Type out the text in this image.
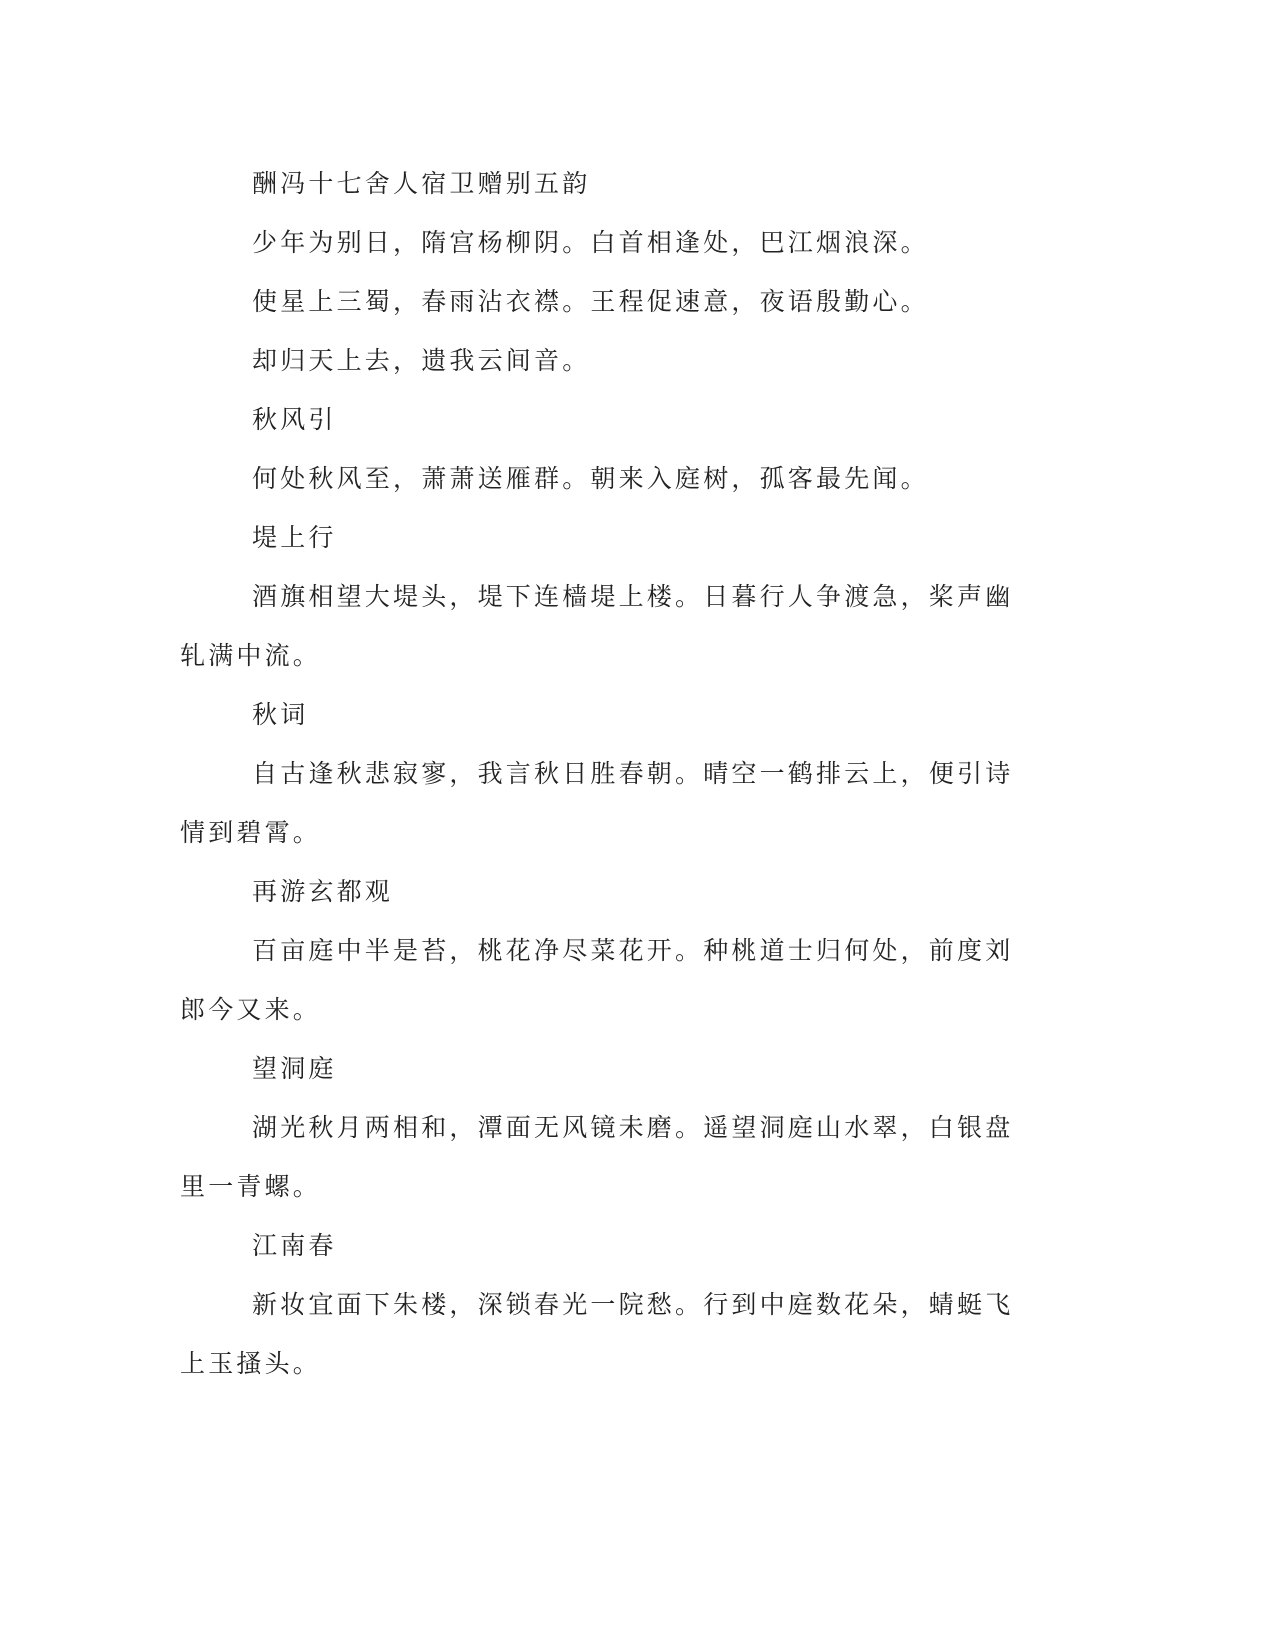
酬冯十七舍人宿卫赠别五韵

少年为别日，隋宫杨柳阴。白首相逢处，巴江烟浪深。

使星上三蜀，春雨沾衣襟。王程促速意，夜语殷勤心。

却归天上去，遗我云间音。

秋风引

何处秋风至，萧萧送雁群。朝来入庭树，孤客最先闻。

堤上行

酒旗相望大堤头，堤下连樯堤上楼。日暮行人争渡急，桨声幽轧满中流。

秋词

自古逢秋悲寂寥，我言秋日胜春朝。晴空一鹤排云上，便引诗情到碧霄。

再游玄都观

百亩庭中半是苔，桃花净尽菜花开。种桃道士归何处，前度刘郎今又来。

望洞庭

湖光秋月两相和，潭面无风镜未磨。遥望洞庭山水翠，白银盘里一青螺。

江南春

新妆宜面下朱楼，深锁春光一院愁。行到中庭数花朵，蜻蜓飞上玉搔头。
